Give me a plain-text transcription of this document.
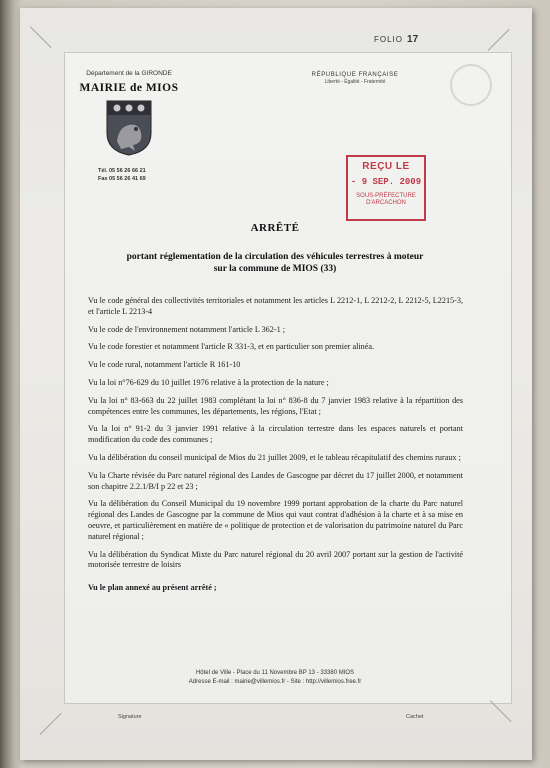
FOLIO 17
Département de la GIRONDE
MAIRIE de MIOS
Tél. 05 56 26 66 21
Fax 05 56 26 41 69
RÉPUBLIQUE FRANÇAISE
Liberté - Égalité - Fraternité
REÇU LE
- 9 SEP. 2009
SOUS-PRÉFECTURE
D'ARCACHON
ARRÊTÉ
portant réglementation de la circulation des véhicules terrestres à moteur
sur la commune de MIOS (33)

Vu le code général des collectivités territoriales et notamment les articles L 2212-1, L 2212-2, L 2212-5, L2215-3, et l'article L 2213-4

Vu le code de l'environnement notamment l'article L 362-1 ;

Vu le code forestier et notamment l'article R 331-3, et en particulier son premier alinéa.

Vu le code rural, notamment l'article R 161-10

Vu la loi n°76-629 du 10 juillet 1976 relative à la protection de la nature ;

Vu la loi n° 83-663 du 22 juillet 1983 complétant la loi n° 836-8 du 7 janvier 1983 relative à la répartition des compétences entre les communes, les départements, les régions, l'Etat ;

Vu la loi n° 91-2 du 3 janvier 1991 relative à la circulation terrestre dans les espaces naturels et portant modification du code des communes ;

Vu la délibération du conseil municipal de Mios du 21 juillet 2009, et le tableau récapitulatif des chemins ruraux ;

Vu la Charte révisée du Parc naturel régional des Landes de Gascogne par décret du 17 juillet 2000, et notamment son chapitre 2.2.1/B/I p 22 et 23 ;

Vu la délibération du Conseil Municipal du 19 novembre 1999 portant approbation de la charte du Parc naturel régional des Landes de Gascogne par la commune de Mios qui vaut contrat d'adhésion à la charte et à sa mise en oeuvre, et particulièrement en matière de « politique de protection et de valorisation du patrimoine naturel du Parc naturel régional ;

Vu la délibération du Syndicat Mixte du Parc naturel régional du 20 avril 2007 portant sur la gestion de l'activité motorisée terrestre de loisirs

Vu le plan annexé au présent arrêté ;

Hôtel de Ville - Place du 11 Novembre BP 13 - 33380 MIOS
Adresse E-mail : mairie@villemios.fr - Site : http://villemios.free.fr
Signature	Cachet
